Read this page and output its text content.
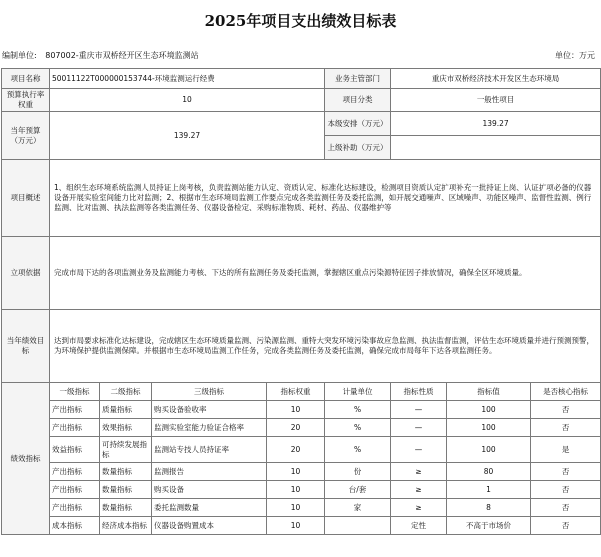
2025年项目支出绩效目标表
编制单位: 807002-重庆市双桥经开区生态环境监测站	单位：万元
项目名称	50011122T000000153744-环境监测运行经费				业务主管部门	重庆市双桥经济技术开发区生态环境局		
预算执行率权重	10				项目分类	一般性项目		
当年预算（万元）	139.27				本级安排（万元）	139.27		
					上级补助（万元）			
项目概述	1、组织生态环境系统监测人员持证上岗考核，负责监测站能力认定、资质认定、标准化达标建设，检测项目资质认定扩项补充一批持证上岗、认证扩项必备的仪器设备开展实验室间能力比对监测；2、根据市生态环境局监测工作要点完成各类监测任务及委托监测，如开展交通噪声、区域噪声、功能区噪声、监督性监测、例行监测、比对监测、执法监测等各类监测任务、仪器设备检定、采购标准物质、耗材、药品、仪器维护等							
立项依据	完成市局下达的各项监测业务及监测能力考核、下达的所有监测任务及委托监测，掌握辖区重点污染源特征因子排放情况，确保全区环境质量。							
当年绩效目标	达到市局要求标准化达标建设，完成辖区生态环境质量监测、污染源监测、重特大突发环境污染事故应急监测、执法监督监测，评估生态环境质量并进行预测预警，为环境保护提供监测保障。并根据市生态环境局监测工作任务，完成各类监测任务及委托监测，确保完成市局每年下达各项监测任务。							
绩效指标	一级指标	二级指标	三级指标	指标权重	计量单位	指标性质	指标值	是否核心指标
	产出指标	质量指标	购买设备验收率	10	%	—	100	否
	产出指标	效果指标	监测实验室能力验证合格率	20	%	—	100	否
	效益指标	可持续发展指标	监测站专技人员持证率	20	%	—	100	是
	产出指标	数量指标	监测报告	10	份	≥	80	否
	产出指标	数量指标	购买设备	10	台/套	≥	1	否
	产出指标	数量指标	委托监测数量	10	家	≥	8	否
	成本指标	经济成本指标	仪器设备购置成本	10		定性	不高于市场价	否
